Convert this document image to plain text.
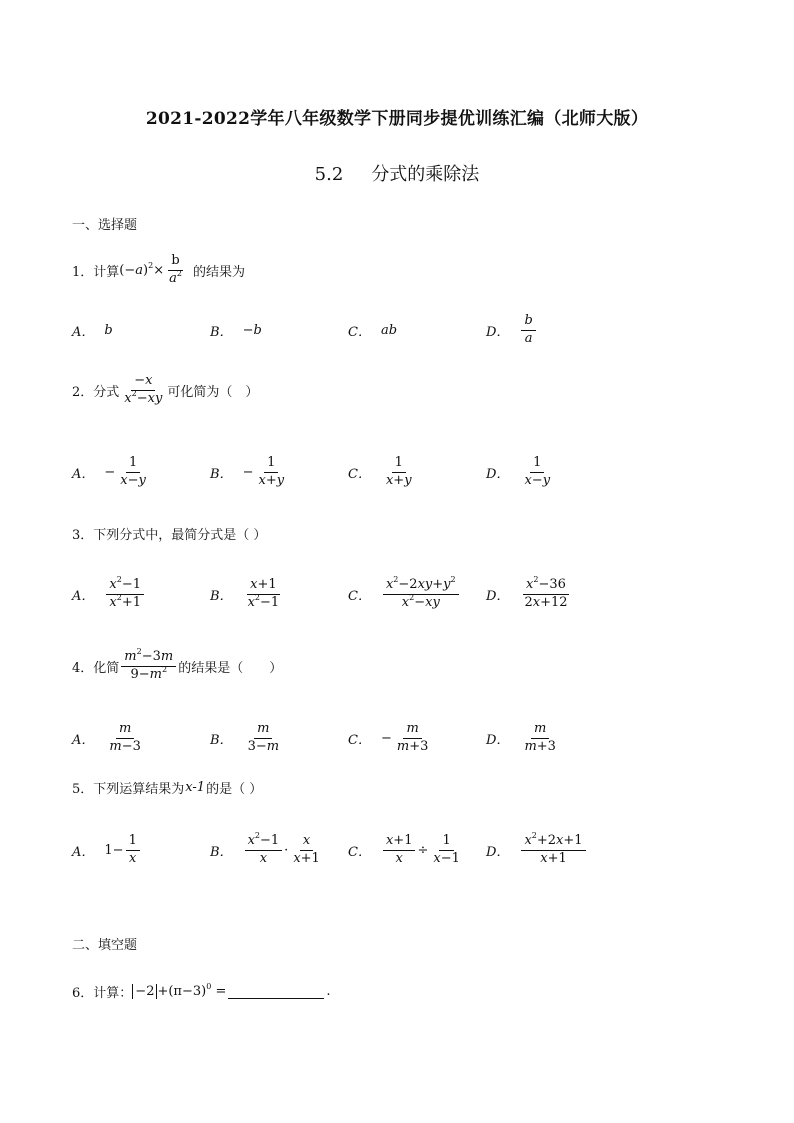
2021-2022学年八年级数学下册同步提优训练汇编（北师大版）
5.2 分式的乘除法
一、选择题
1． 计算 $(-a)^2\times \frac{b}{a^2}$ 的结果为
A． b	B． − b	C． ab	D． $\frac{b}{a}$
2． 分式 $\frac{-x}{x^2-xy}$ 可化简为（　）
A． − $\frac{1}{x-y}$	B． − $\frac{1}{x+y}$	C． $\frac{1}{x+y}$	D． $\frac{1}{x-y}$
3． 下列分式中，最简分式是（ ）
A． $\frac{x^2-1}{x^2+1}$	B． $\frac{x+1}{x^2-1}$	C． $\frac{x^2-2xy+y^2}{x^2-xy}$ D． $\frac{x^2-36}{2x+12}$
4． 化简 $\frac{m^2-3m}{9-m^2}$ 的结果是（　　）
A． $\frac{m}{m-3}$	B． $\frac{m}{3-m}$	C． − $\frac{m}{m+3}$	D． $\frac{m}{m+3}$
5． 下列运算结果为 x-1 的是（ ）
A． $1- \frac{1}{x}$	B． $\frac{x^2-1}{x} \cdot \frac{x}{x+1}$ C． $\frac{x+1}{x} \div \frac{1}{x-1}$ D． $\frac{x^2+2x+1}{x+1}$
二、填空题
6． 计算： $-2 +(\pi-3)^0$ =	.
